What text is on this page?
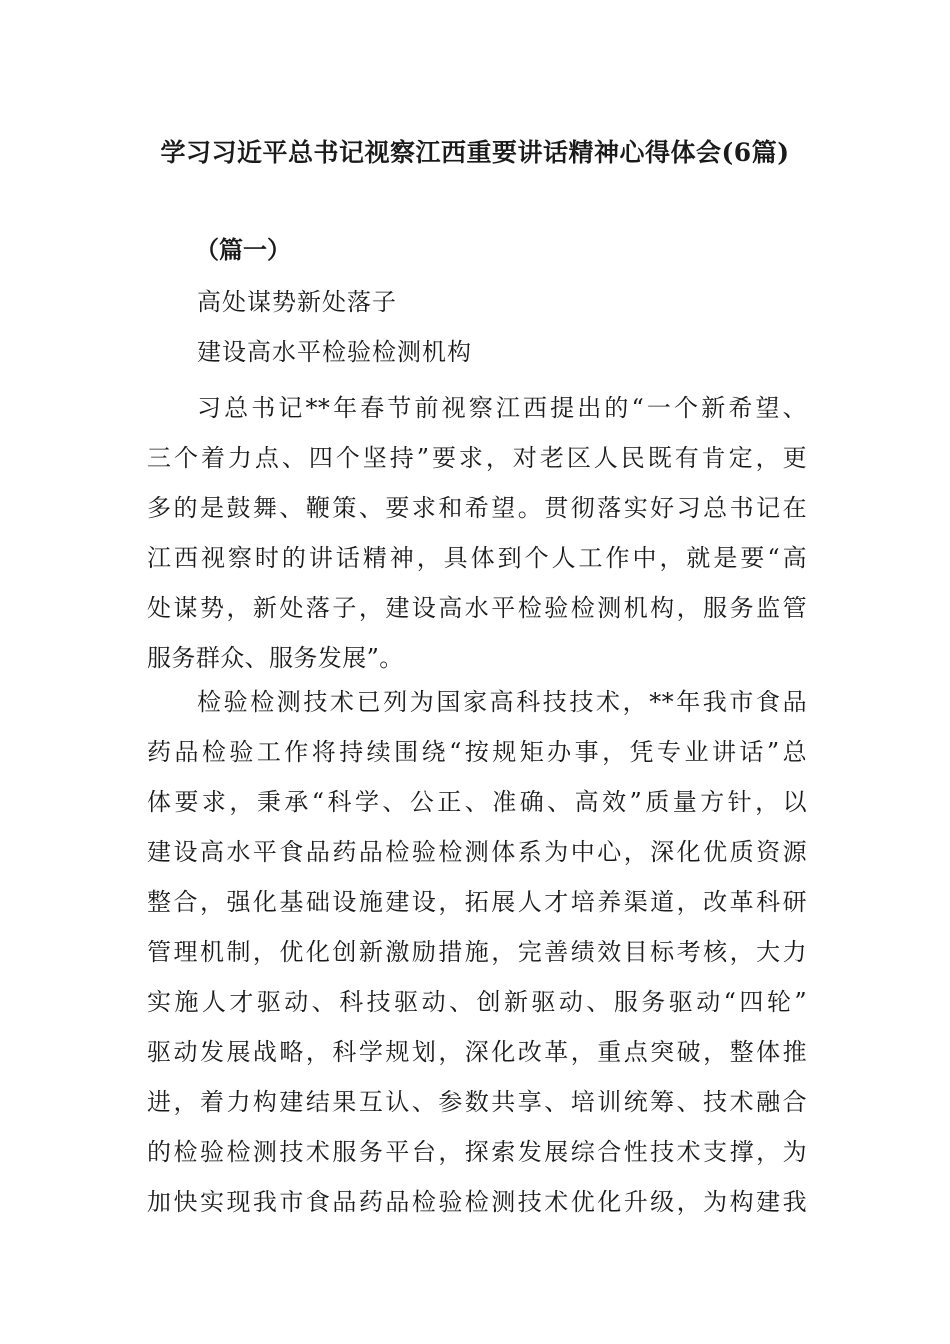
学习习近平总书记视察江西重要讲话精神心得体会(6篇)
（篇一）
高处谋势新处落子
建设高水平检验检测机构
习总书记**年春节前视察江西提出的“一个新希望、
三个着力点、四个坚持”要求，对老区人民既有肯定，更
多的是鼓舞、鞭策、要求和希望。贯彻落实好习总书记在
江西视察时的讲话精神，具体到个人工作中，就是要“高
处谋势，新处落子，建设高水平检验检测机构，服务监管
服务群众、服务发展”。
检验检测技术已列为国家高科技技术，**年我市食品
药品检验工作将持续围绕“按规矩办事，凭专业讲话”总
体要求，秉承“科学、公正、准确、高效”质量方针，以
建设高水平食品药品检验检测体系为中心，深化优质资源
整合，强化基础设施建设，拓展人才培养渠道，改革科研
管理机制，优化创新激励措施，完善绩效目标考核，大力
实施人才驱动、科技驱动、创新驱动、服务驱动“四轮”
驱动发展战略，科学规划，深化改革，重点突破，整体推
进，着力构建结果互认、参数共享、培训统筹、技术融合
的检验检测技术服务平台，探索发展综合性技术支撑，为
加快实现我市食品药品检验检测技术优化升级，为构建我
